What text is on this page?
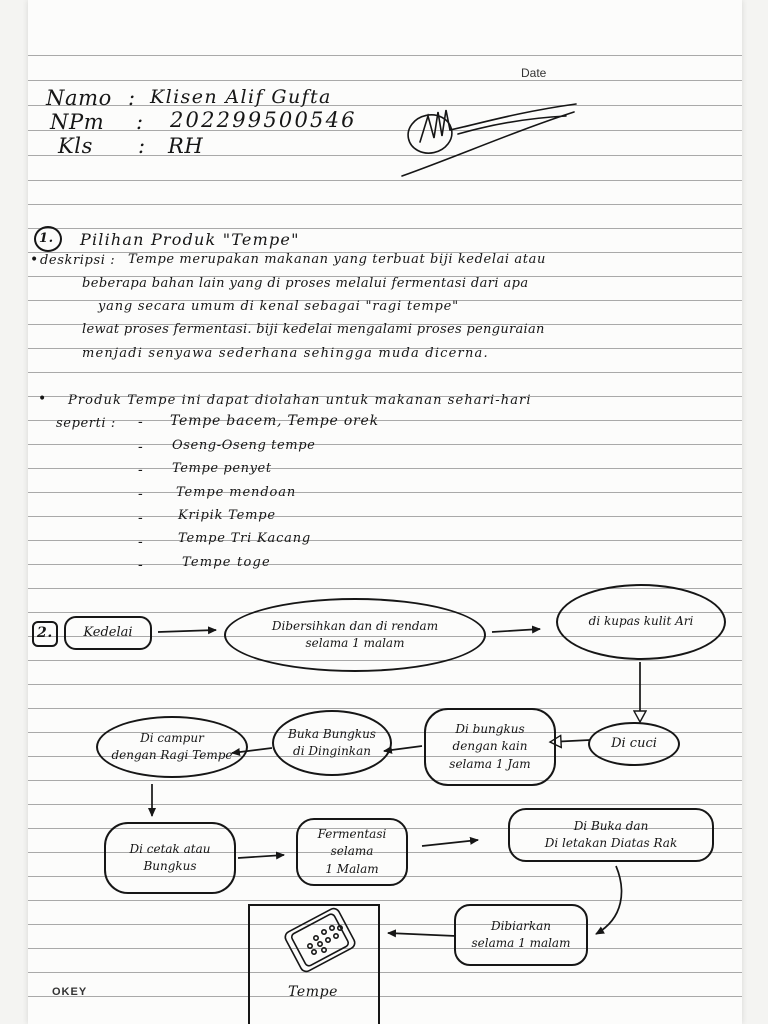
Date
Namo : Klisen Alif Gufta
NPm : 202299500546
Kls : RH
1. Pilihan Produk "Tempe"
• deskripsi : Tempe merupakan makanan yang terbuat biji kedelai atau
beberapa bahan lain yang di proses melalui fermentasi dari apa
yang secara umum di kenal sebagai "ragi tempe"
lewat proses fermentasi. biji kedelai mengalami proses penguraian
menjadi senyawa sederhana sehingga muda dicerna.
• Produk Tempe ini dapat diolahan untuk makanan sehari-hari
seperti : - Tempe bacem, Tempe orek
- Oseng-Oseng tempe
- Tempe penyet
-	Tempe mendoan
-	Kripik Tempe
-	Tempe Tri Kacang
-	Tempe toge
2. Kedelai	Dibersihkan dan di rendam
selama 1 malam
di kupas kulit Ari
Di cuci
Di bungkus
dengan kain
selama 1 Jam
Buka Bungkus
di Dinginkan
Di campur
dengan Ragi Tempe
Di cetak atau
Bungkus
Fermentasi
selama
1 Malam
Di Buka dan
Di letakan Diatas Rak
Dibiarkan
selama 1 malam
Tempe
OKEY
